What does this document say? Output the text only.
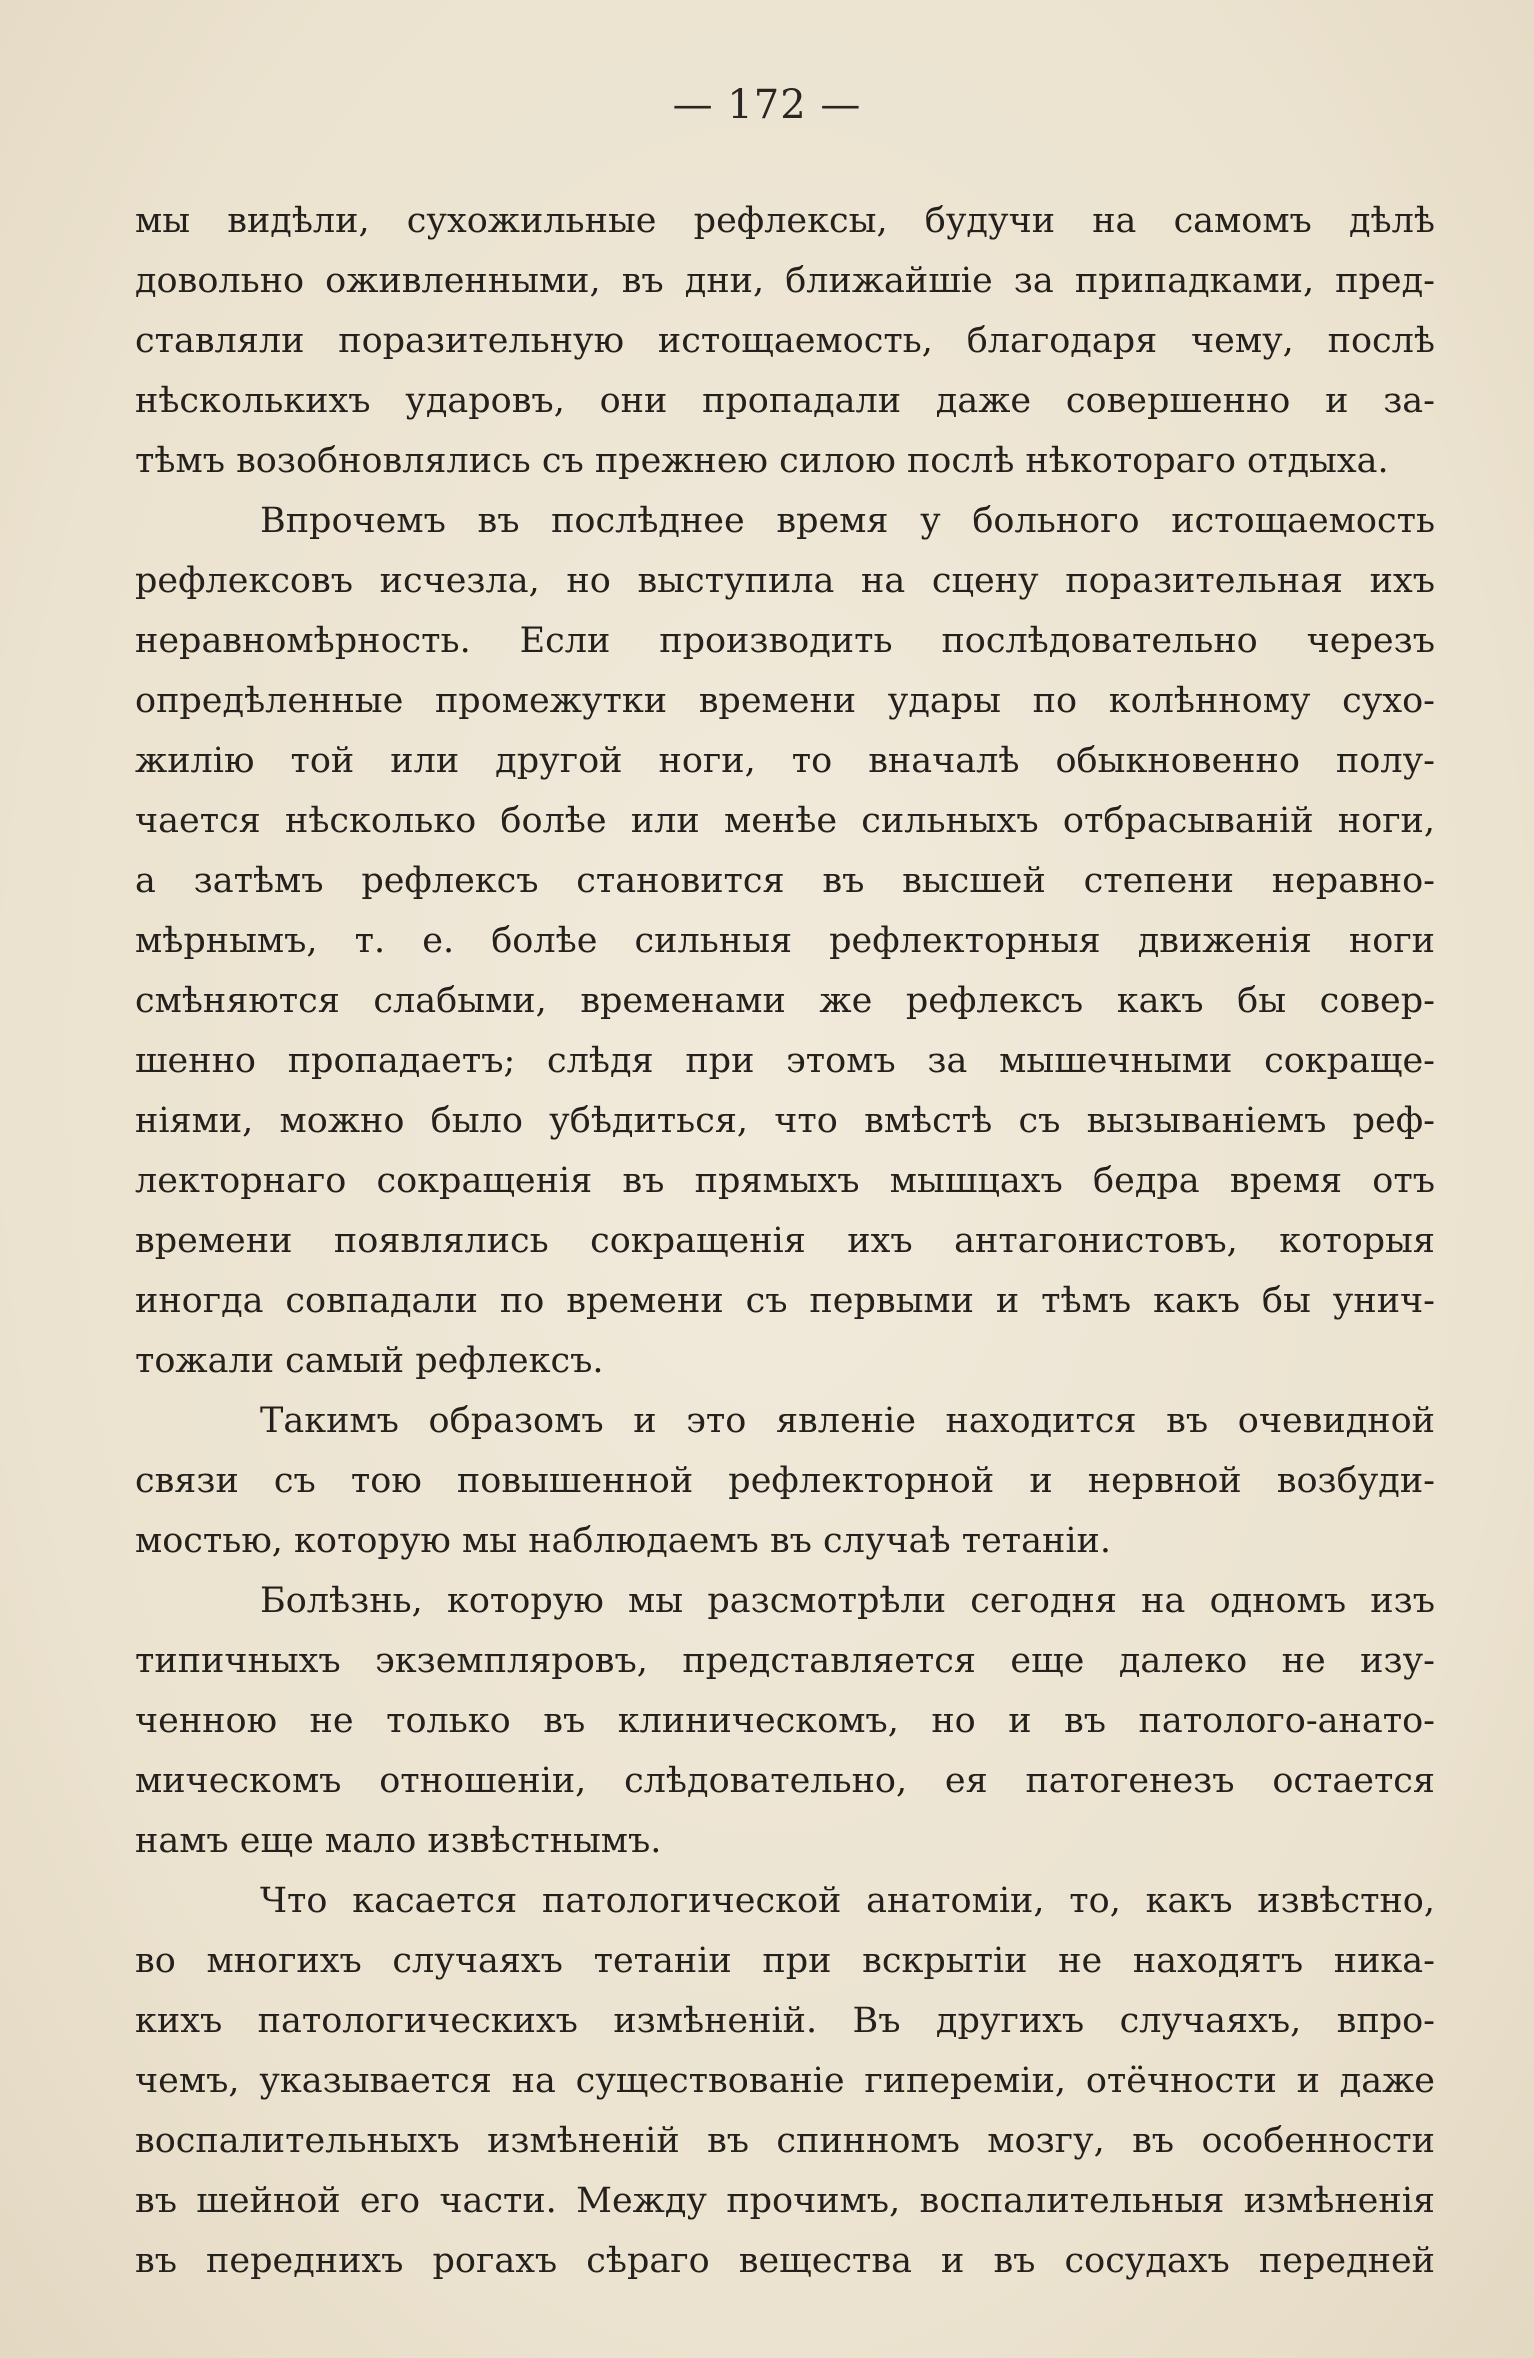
— 172 —
мы видѣли, сухожильные рефлексы, будучи на самомъ дѣлѣ
довольно оживленными, въ дни, ближайшіе за припадками, пред-
ставляли поразительную истощаемость, благодаря чему, послѣ
нѣсколькихъ ударовъ, они пропадали даже совершенно и за-
тѣмъ возобновлялись съ прежнею силою послѣ нѣкотораго отдыха.
Впрочемъ въ послѣднее время у больного истощаемость
рефлексовъ исчезла, но выступила на сцену поразительная ихъ
неравномѣрность. Если производить послѣдовательно черезъ
опредѣленные промежутки времени удары по колѣнному сухо-
жилію той или другой ноги, то вначалѣ обыкновенно полу-
чается нѣсколько болѣе или менѣе сильныхъ отбрасываній ноги,
а затѣмъ рефлексъ становится въ высшей степени неравно-
мѣрнымъ, т. е. болѣе сильныя рефлекторныя движенія ноги
смѣняются слабыми, временами же рефлексъ какъ бы совер-
шенно пропадаетъ; слѣдя при этомъ за мышечными сокраще-
ніями, можно было убѣдиться, что вмѣстѣ съ вызываніемъ реф-
лекторнаго сокращенія въ прямыхъ мышцахъ бедра время отъ
времени появлялись сокращенія ихъ антагонистовъ, которыя
иногда совпадали по времени съ первыми и тѣмъ какъ бы унич-
тожали самый рефлексъ.
Такимъ образомъ и это явленіе находится въ очевидной
связи съ тою повышенной рефлекторной и нервной возбуди-
мостью, которую мы наблюдаемъ въ случаѣ тетаніи.
Болѣзнь, которую мы разсмотрѣли сегодня на одномъ изъ
типичныхъ экземпляровъ, представляется еще далеко не изу-
ченною не только въ клиническомъ, но и въ патолого-анато-
мическомъ отношеніи, слѣдовательно, ея патогенезъ остается
намъ еще мало извѣстнымъ.
Что касается патологической анатоміи, то, какъ извѣстно,
во многихъ случаяхъ тетаніи при вскрытіи не находятъ ника-
кихъ патологическихъ измѣненій. Въ другихъ случаяхъ, впро-
чемъ, указывается на существованіе гипереміи, отёчности и даже
воспалительныхъ измѣненій въ спинномъ мозгу, въ особенности
въ шейной его части. Между прочимъ, воспалительныя измѣненія
въ переднихъ рогахъ сѣраго вещества и въ сосудахъ передней
